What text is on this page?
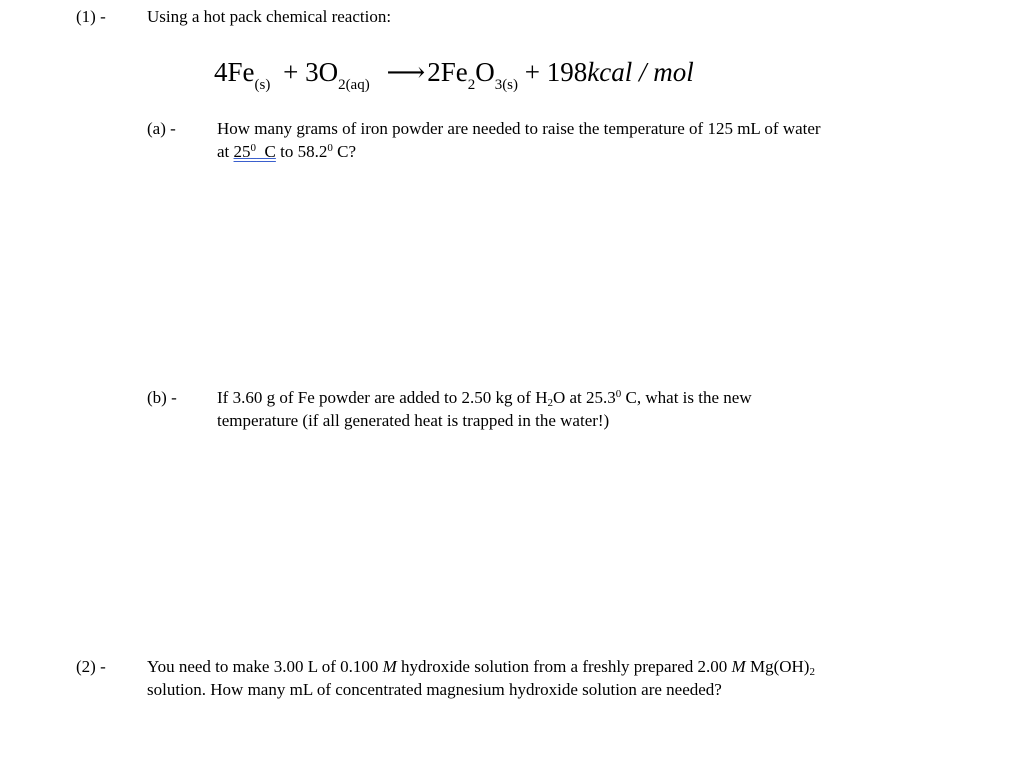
(1) - Using a hot pack chemical reaction:
$4Fe_{(s)} + 3O_{2(aq)}$ $⟶2Fe_2O_{3(s)}$ + 198kcal / mol
(a) - How many grams of iron powder are needed to raise the temperature of 125 mL of water
at $25^0$  C to 58.2$^0$ C?
(b) - If 3.60 g of Fe powder are added to 2.50 kg of $H_2O$ at 25.3$^0$ C, what is the new
temperature (if all generated heat is trapped in the water!)
(2) - You need to make 3.00 L of 0.100 M hydroxide solution from a freshly prepared 2.00 M $Mg(OH)_2$
solution. How many mL of concentrated magnesium hydroxide solution are needed?
